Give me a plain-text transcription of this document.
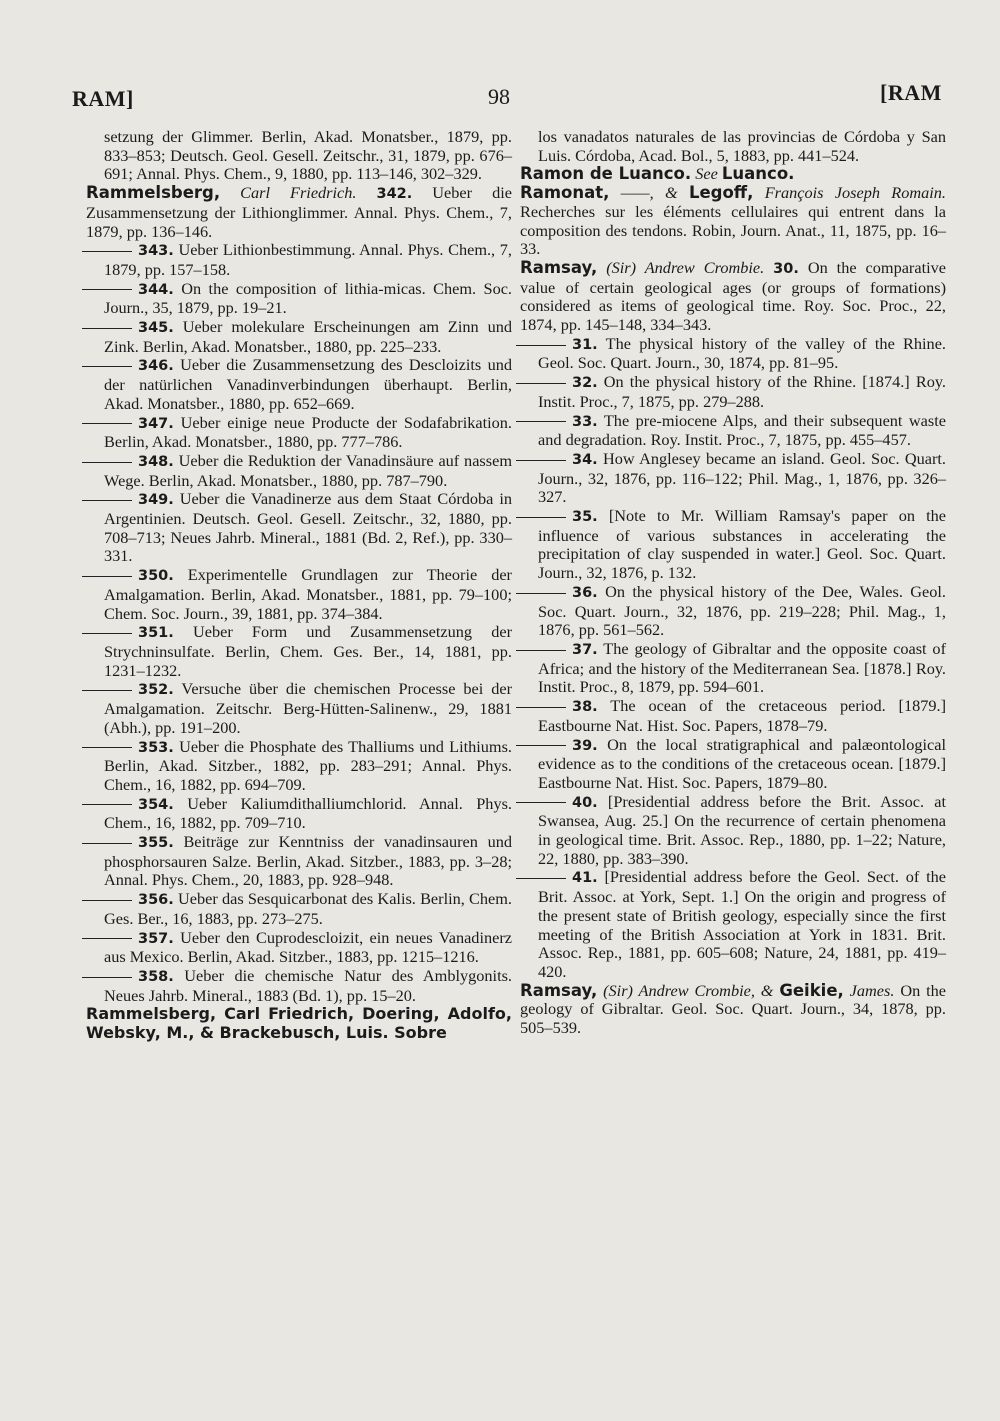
RAM]	98	[RAM

setzung der Glimmer. Berlin, Akad. Monatsber., 1879, pp. 833–853; Deutsch. Geol. Gesell. Zeitschr., 31, 1879, pp. 676–691; Annal. Phys. Chem., 9, 1880, pp. 113–146, 302–329.

Rammelsberg, Carl Friedrich. 342. Ueber die Zusammensetzung der Lithionglimmer. Annal. Phys. Chem., 7, 1879, pp. 136–146.

343. Ueber Lithionbestimmung. Annal. Phys. Chem., 7, 1879, pp. 157–158.

344. On the composition of lithia-micas. Chem. Soc. Journ., 35, 1879, pp. 19–21.

345. Ueber molekulare Erscheinungen am Zinn und Zink. Berlin, Akad. Monatsber., 1880, pp. 225–233.

346. Ueber die Zusammensetzung des Descloizits und der natürlichen Vanadinverbindungen überhaupt. Berlin, Akad. Monatsber., 1880, pp. 652–669.

347. Ueber einige neue Producte der Sodafabrikation. Berlin, Akad. Monatsber., 1880, pp. 777–786.

348. Ueber die Reduktion der Vanadinsäure auf nassem Wege. Berlin, Akad. Monatsber., 1880, pp. 787–790.

349. Ueber die Vanadinerze aus dem Staat Córdoba in Argentinien. Deutsch. Geol. Gesell. Zeitschr., 32, 1880, pp. 708–713; Neues Jahrb. Mineral., 1881 (Bd. 2, Ref.), pp. 330–331.

350. Experimentelle Grundlagen zur Theorie der Amalgamation. Berlin, Akad. Monatsber., 1881, pp. 79–100; Chem. Soc. Journ., 39, 1881, pp. 374–384.

351. Ueber Form und Zusammensetzung der Strychninsulfate. Berlin, Chem. Ges. Ber., 14, 1881, pp. 1231–1232.

352. Versuche über die chemischen Processe bei der Amalgamation. Zeitschr. Berg-Hütten-Salinenw., 29, 1881 (Abh.), pp. 191–200.

353. Ueber die Phosphate des Thalliums und Lithiums. Berlin, Akad. Sitzber., 1882, pp. 283–291; Annal. Phys. Chem., 16, 1882, pp. 694–709.

354. Ueber Kaliumdithalliumchlorid. Annal. Phys. Chem., 16, 1882, pp. 709–710.

355. Beiträge zur Kenntniss der vanadinsauren und phosphorsauren Salze. Berlin, Akad. Sitzber., 1883, pp. 3–28; Annal. Phys. Chem., 20, 1883, pp. 928–948.

356. Ueber das Sesquicarbonat des Kalis. Berlin, Chem. Ges. Ber., 16, 1883, pp. 273–275.

357. Ueber den Cuprodescloizit, ein neues Vanadinerz aus Mexico. Berlin, Akad. Sitzber., 1883, pp. 1215–1216.

358. Ueber die chemische Natur des Amblygonits. Neues Jahrb. Mineral., 1883 (Bd. 1), pp. 15–20.

Rammelsberg, Carl Friedrich, Doering, Adolfo, Websky, M., & Brackebusch, Luis. Sobre

los vanadatos naturales de las provincias de Córdoba y San Luis. Córdoba, Acad. Bol., 5, 1883, pp. 441–524.

Ramon de Luanco. See Luanco.

Ramonat, ——, & Legoff, François Joseph Romain. Recherches sur les éléments cellulaires qui entrent dans la composition des tendons. Robin, Journ. Anat., 11, 1875, pp. 16–33.

Ramsay, (Sir) Andrew Crombie. 30. On the comparative value of certain geological ages (or groups of formations) considered as items of geological time. Roy. Soc. Proc., 22, 1874, pp. 145–148, 334–343.

31. The physical history of the valley of the Rhine. Geol. Soc. Quart. Journ., 30, 1874, pp. 81–95.

32. On the physical history of the Rhine. [1874.] Roy. Instit. Proc., 7, 1875, pp. 279–288.

33. The pre-miocene Alps, and their subsequent waste and degradation. Roy. Instit. Proc., 7, 1875, pp. 455–457.

34. How Anglesey became an island. Geol. Soc. Quart. Journ., 32, 1876, pp. 116–122; Phil. Mag., 1, 1876, pp. 326–327.

35. [Note to Mr. William Ramsay's paper on the influence of various substances in accelerating the precipitation of clay suspended in water.] Geol. Soc. Quart. Journ., 32, 1876, p. 132.

36. On the physical history of the Dee, Wales. Geol. Soc. Quart. Journ., 32, 1876, pp. 219–228; Phil. Mag., 1, 1876, pp. 561–562.

37. The geology of Gibraltar and the opposite coast of Africa; and the history of the Mediterranean Sea. [1878.] Roy. Instit. Proc., 8, 1879, pp. 594–601.

38. The ocean of the cretaceous period. [1879.] Eastbourne Nat. Hist. Soc. Papers, 1878–79.

39. On the local stratigraphical and palæontological evidence as to the conditions of the cretaceous ocean. [1879.] Eastbourne Nat. Hist. Soc. Papers, 1879–80.

40. [Presidential address before the Brit. Assoc. at Swansea, Aug. 25.] On the recurrence of certain phenomena in geological time. Brit. Assoc. Rep., 1880, pp. 1–22; Nature, 22, 1880, pp. 383–390.

41. [Presidential address before the Geol. Sect. of the Brit. Assoc. at York, Sept. 1.] On the origin and progress of the present state of British geology, especially since the first meeting of the British Association at York in 1831. Brit. Assoc. Rep., 1881, pp. 605–608; Nature, 24, 1881, pp. 419–420.

Ramsay, (Sir) Andrew Crombie, & Geikie, James. On the geology of Gibraltar. Geol. Soc. Quart. Journ., 34, 1878, pp. 505–539.
